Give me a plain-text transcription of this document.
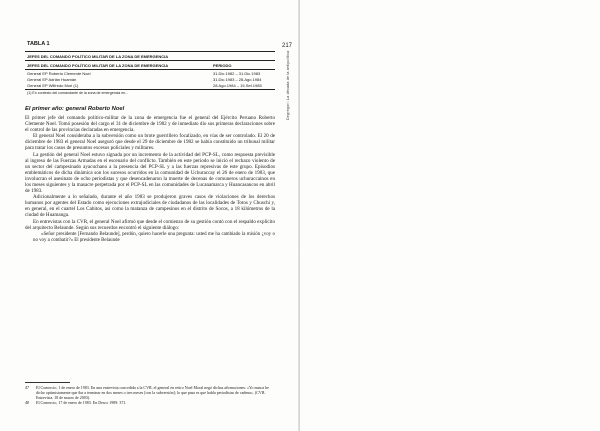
217
Degregori: La década de la antipolítica
TABLA 1
JEFES DEL COMANDO POLÍTICO MILITAR DE LA ZONA DE EMERGENCIA
JEFES DEL COMANDO POLÍTICO MILITAR DE LA ZONA DE EMERGENCIA	PERIODO
General EP Roberto Clemente Noel	31.Dic.1982 – 31.Dic.1983
General EP Adrián Huamán	31.Dic.1983 – 28.Ago.1984
General EP Wilfredo Mori (1)	28.Ago.1984 – 15.Set.1985
(1) En contexto del comandante de la zona de emergencia en...
El primer año: general Roberto Noel

El primer jefe del comando político-militar de la zona de emergencia fue el general del Ejército Peruano Roberto Clemente Noel. Tomó posesión del cargo el 31 de diciembre de 1982 y de inmediato dio sus primeras declaraciones sobre el control de las provincias declaradas en emergencia.

El general Noel consideraba a la subversión como un brote guerrillero focalizado, en vías de ser controlado. El 20 de diciembre de 1983 el general Noel aseguró que desde el 29 de diciembre de 1982 se había constituido un tribunal militar para tratar los casos de presuntos excesos policiales y militares.

La gestión del general Noel estuvo signada por un incremento de la actividad del PCP-SL, como respuesta previsible al ingreso de las Fuerzas Armadas en el escenario del conflicto. También en este periodo se inició el rechazo violento de un sector del campesinado ayacuchano a la presencia del PCP-SL y a las fuerzas represivas de este grupo. Episodios emblemáticos de dicha dinámica son los sucesos ocurridos en la comunidad de Uchuraccay el 26 de enero de 1983, que involucran el asesinato de ocho periodistas y que desencadenaron la muerte de decenas de comuneros uchuraccainos en los meses siguientes y la masacre perpetrada por el PCP-SL en las comunidades de Lucanamarca y Huancasancos en abril de 1983.

Adicionalmente a lo señalado, durante el año 1983 se produjeron graves casos de violaciones de los derechos humanos por agentes del Estado como ejecuciones extrajudiciales de ciudadanos de las localidades de Totos y Chuschi y, en general, en el cuartel Los Cabitos, así como la matanza de campesinos en el distrito de Socos, a 18 kilómetros de la ciudad de Huamanga.

En entrevistas con la CVR, el general Noel afirmó que desde el comienzo de su gestión contó con el respaldo explícito del arquitecto Belaunde. Según sus recuerdos encontró el siguiente diálogo:

«Señor presidente [Fernando Belaunde], perdón, quiero hacerle una pregunta: usted me ha cambiado la misión ¿voy o no voy a combatir?» El presidente Belaunde

47	El Comercio, 1 de enero de 1983. En una entrevista concedida a la CVR, el general en retiro Noel Moral negó dichas afirmaciones: «Yo nunca he dicho optimistamente que iba a terminar en dos meses o tres meses [con la subversión]; lo que pasa es que habla periodistas de cadena». (CVR. Entrevista. 18 de marzo de 2003).
48	El Comercio, 17 de enero de 1983. En Desco 1989: 371.
